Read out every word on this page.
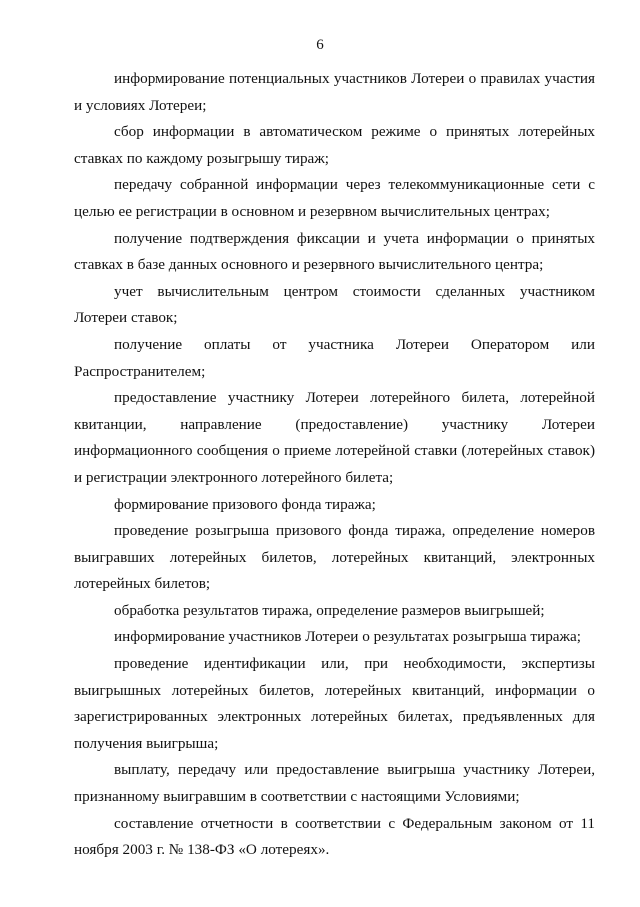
6

информирование потенциальных участников Лотереи о правилах участия и условиях Лотереи;

сбор информации в автоматическом режиме о принятых лотерейных ставках по каждому розыгрышу тираж;

передачу собранной информации через телекоммуникационные сети с целью ее регистрации в основном и резервном вычислительных центрах;

получение подтверждения фиксации и учета информации о принятых ставках в базе данных основного и резервного вычислительного центра;

учет вычислительным центром стоимости сделанных участником Лотереи ставок;

получение оплаты от участника Лотереи Оператором или Распространителем;

предоставление участнику Лотереи лотерейного билета, лотерейной квитанции, направление (предоставление) участнику Лотереи информационного сообщения о приеме лотерейной ставки (лотерейных ставок) и регистрации электронного лотерейного билета;

формирование призового фонда тиража;

проведение розыгрыша призового фонда тиража, определение номеров выигравших лотерейных билетов, лотерейных квитанций, электронных лотерейных билетов;

обработка результатов тиража, определение размеров выигрышей;

информирование участников Лотереи о результатах розыгрыша тиража;

проведение идентификации или, при необходимости, экспертизы выигрышных лотерейных билетов, лотерейных квитанций, информации о зарегистрированных электронных лотерейных билетах, предъявленных для получения выигрыша;

выплату, передачу или предоставление выигрыша участнику Лотереи, признанному выигравшим в соответствии с настоящими Условиями;

составление отчетности в соответствии с Федеральным законом от 11 ноября 2003 г. № 138-ФЗ «О лотереях».
